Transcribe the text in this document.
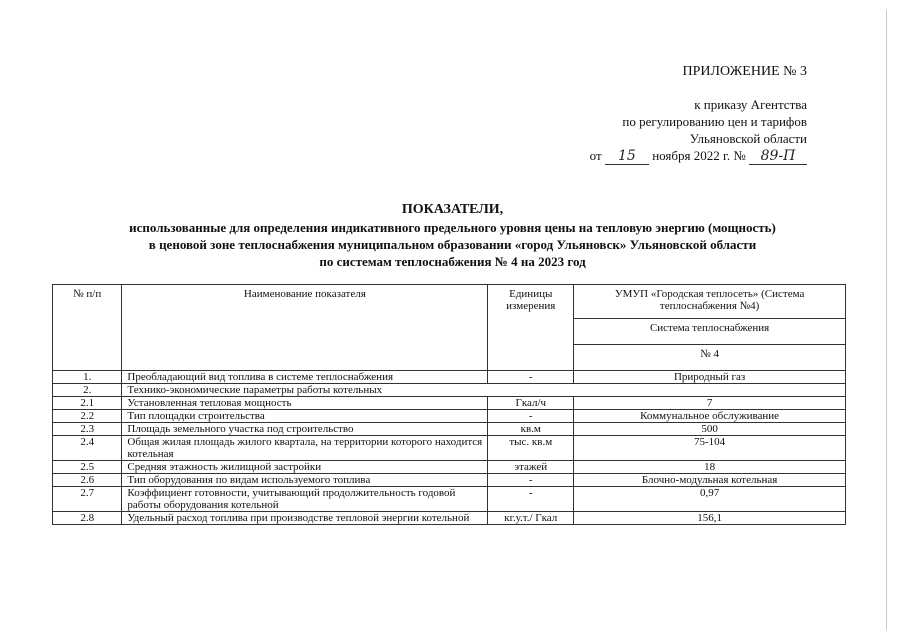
ПРИЛОЖЕНИЕ № 3
к приказу Агентства
по регулированию цен и тарифов
Ульяновской области
от 15 ноября 2022 г. № 89-П
ПОКАЗАТЕЛИ,
использованные для определения индикативного предельного уровня цены на тепловую энергию (мощность)
в ценовой зоне теплоснабжения муниципальном образовании «город Ульяновск» Ульяновской области
по системам теплоснабжения № 4 на 2023 год
№ п/п	Наименование показателя	Единицы измерения	УМУП «Городская теплосеть» (Система теплоснабжения №4)
			Система теплоснабжения
			№ 4
1.	Преобладающий вид топлива в системе теплоснабжения	-	Природный газ
2.	Технико-экономические параметры работы котельных		
2.1	Установленная тепловая мощность	Гкал/ч	7
2.2	Тип площадки строительства	-	Коммунальное обслуживание
2.3	Площадь земельного участка под строительство	кв.м	500
2.4	Общая жилая площадь жилого квартала, на территории которого находится котельная	тыс. кв.м	75-104
2.5	Средняя этажность жилищной застройки	этажей	18
2.6	Тип оборудования по видам используемого топлива	-	Блочно-модульная котельная
2.7	Коэффициент готовности, учитывающий продолжительность годовой работы оборудования котельной	-	0,97
2.8	Удельный расход топлива при производстве тепловой энергии котельной	кг.у.т./ Гкал	156,1
